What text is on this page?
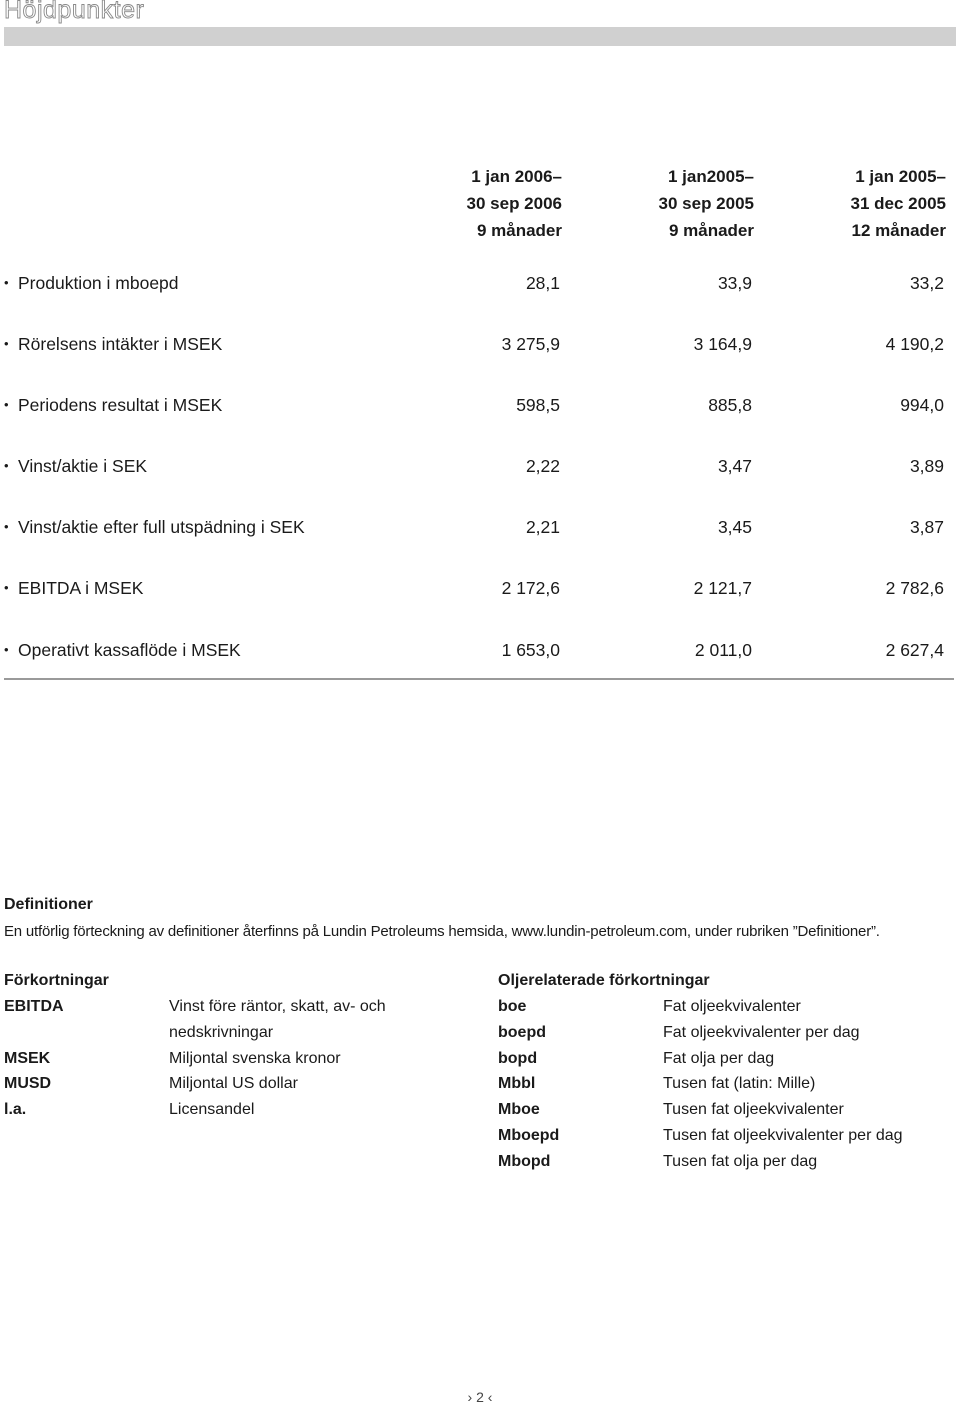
Höjdpunkter
1 jan 2006–
30 sep 2006
9 månader
1 jan2005–
30 sep 2005
9 månader
1 jan 2005–
31 dec 2005
12 månader
• Produktion i mboepd	28,1	33,9	33,2
• Rörelsens intäkter i MSEK	3 275,9	3 164,9	4 190,2
• Periodens resultat i MSEK	598,5	885,8	994,0
• Vinst/aktie i SEK	2,22	3,47	3,89
• Vinst/aktie efter full utspädning i SEK	2,21	3,45	3,87
• EBITDA i MSEK	2 172,6	2 121,7	2 782,6
• Operativt kassaflöde i MSEK	1 653,0	2 011,0	2 627,4
Definitioner
En utförlig förteckning av definitioner återfinns på Lundin Petroleums hemsida, www.lundin-petroleum.com, under rubriken ”Definitioner”.
Förkortningar
EBITDA	Vinst före räntor, skatt, av- och
nedskrivningar
MSEK	Miljontal svenska kronor
MUSD	Miljontal US dollar
l.a.	Licensandel
Oljerelaterade förkortningar
boe	Fat oljeekvivalenter
boepd	Fat oljeekvivalenter per dag
bopd	Fat olja per dag
Mbbl	Tusen fat (latin: Mille)
Mboe	Tusen fat oljeekvivalenter
Mboepd	Tusen fat oljeekvivalenter per dag
Mbopd	Tusen fat olja per dag
› 2 ‹
